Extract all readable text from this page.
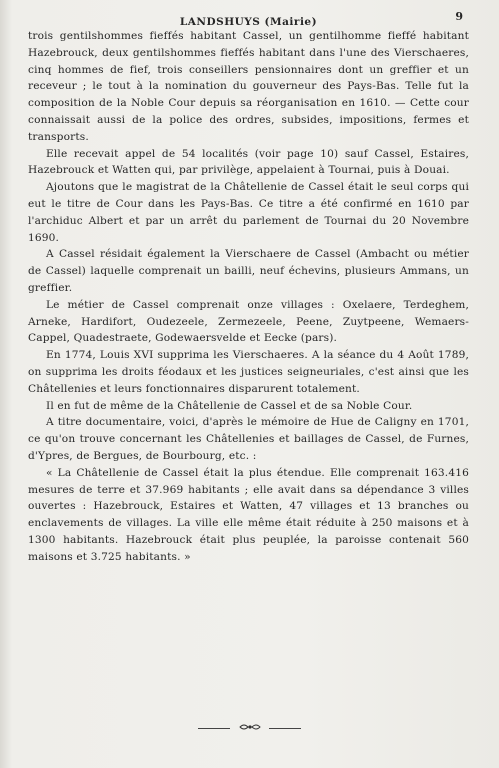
LANDSHUYS (Mairie)	9

trois gentilshommes fieffés habitant Cassel, un gentilhomme fieffé habitant Hazebrouck, deux gentilshommes fieffés habitant dans l'une des Vierschaeres, cinq hommes de fief, trois conseillers pensionnaires dont un greffier et un receveur ; le tout à la nomination du gouverneur des Pays-Bas. Telle fut la composition de la Noble Cour depuis sa réorganisation en 1610. — Cette cour connaissait aussi de la police des ordres, subsides, impositions, fermes et transports.

Elle recevait appel de 54 localités (voir page 10) sauf Cassel, Estaires, Hazebrouck et Watten qui, par privilège, appelaient à Tournai, puis à Douai.

Ajoutons que le magistrat de la Châtellenie de Cassel était le seul corps qui eut le titre de Cour dans les Pays-Bas. Ce titre a été confirmé en 1610 par l'archiduc Albert et par un arrêt du parlement de Tournai du 20 Novembre 1690.

A Cassel résidait également la Vierschaere de Cassel (Ambacht ou métier de Cassel) laquelle comprenait un bailli, neuf échevins, plusieurs Ammans, un greffier.

Le métier de Cassel comprenait onze villages : Oxelaere, Terdeghem, Arneke, Hardifort, Oudezeele, Zermezeele, Peene, Zuytpeene, Wemaers-Cappel, Quadestraete, Godewaersvelde et Eecke (pars).

En 1774, Louis XVI supprima les Vierschaeres. A la séance du 4 Août 1789, on supprima les droits féodaux et les justices seigneuriales, c'est ainsi que les Châtellenies et leurs fonctionnaires disparurent totalement.

Il en fut de même de la Châtellenie de Cassel et de sa Noble Cour.

A titre documentaire, voici, d'après le mémoire de Hue de Caligny en 1701, ce qu'on trouve concernant les Châtellenies et baillages de Cassel, de Furnes, d'Ypres, de Bergues, de Bourbourg, etc. :

« La Châtellenie de Cassel était la plus étendue. Elle comprenait 163.416 mesures de terre et 37.969 habitants ; elle avait dans sa dépendance 3 villes ouvertes : Hazebrouck, Estaires et Watten, 47 villages et 13 branches ou enclavements de villages. La ville elle même était réduite à 250 maisons et à 1300 habitants. Hazebrouck était plus peuplée, la paroisse contenait 560 maisons et 3.725 habitants. »
